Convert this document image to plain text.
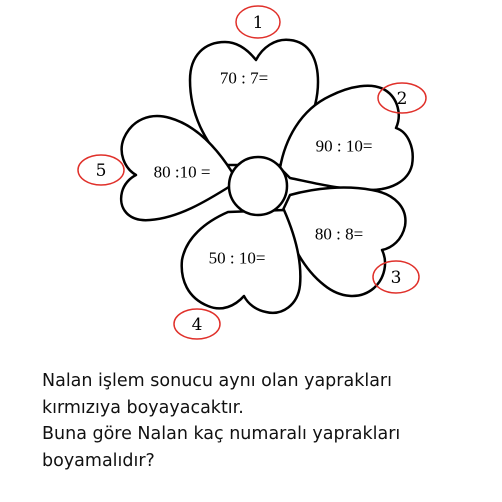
70 : 7=
90 : 10=
80 : 8=
50 : 10=
80 :10 =
1
2
3
4
5
Nalan işlem sonucu aynı olan yaprakları
kırmızıya boyayacaktır.
Buna göre Nalan kaç numaralı yaprakları
boyamalıdır?
